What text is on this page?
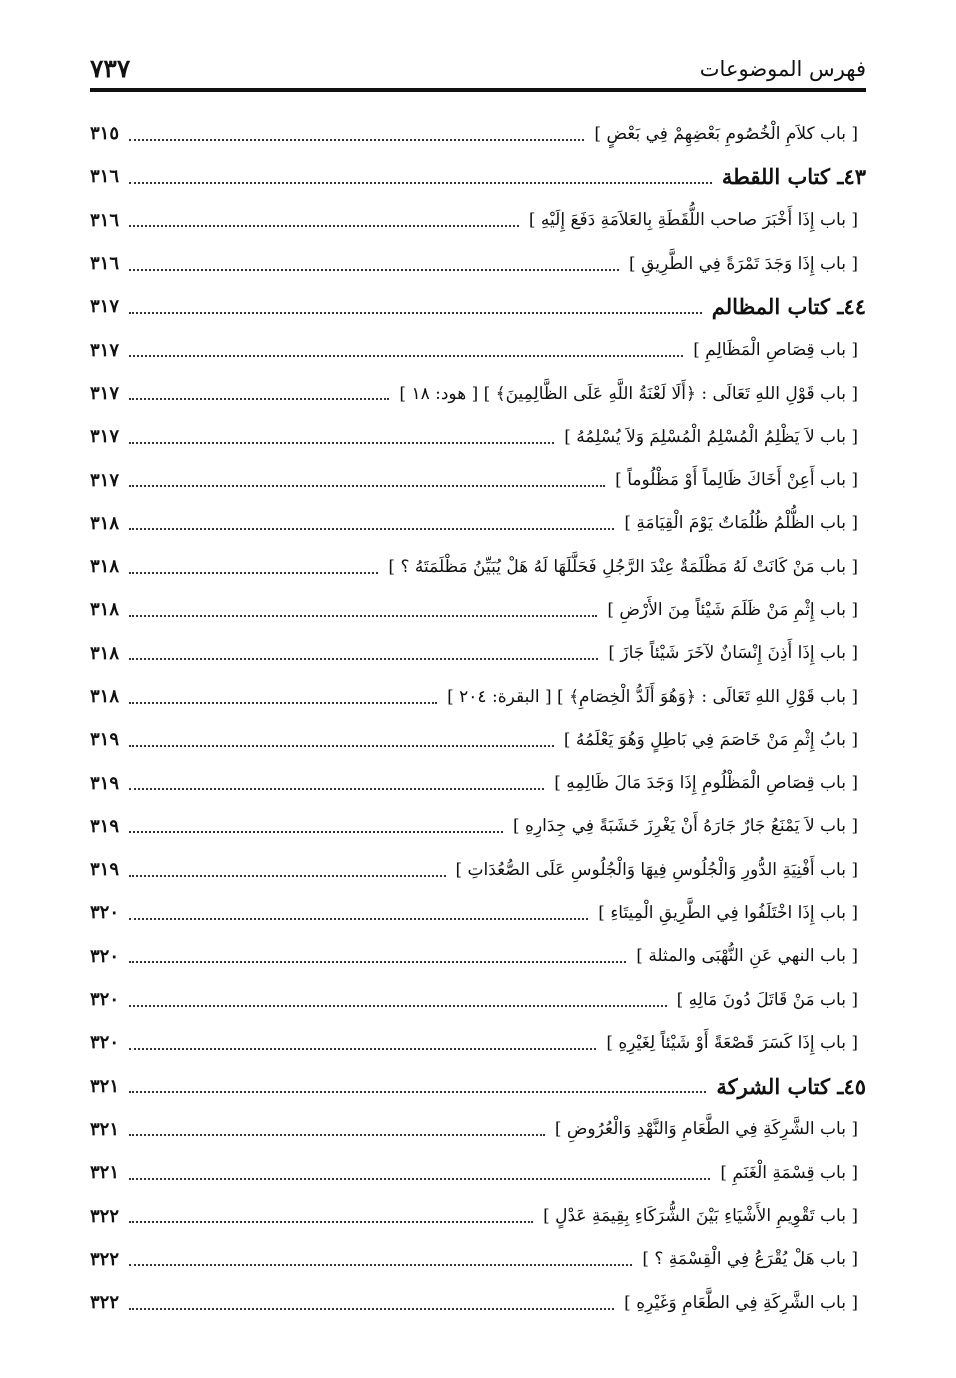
فهرس الموضوعات
٧٣٧
[ باب كلاَمِ الْخُصُومِ بَعْضِهِمْ فِي بَعْضٍ ]
٣١٥
٤٣ـ كتاب اللقطة
٣١٦
[ باب إِذَا أَخْبَرَ صاحب اللُّقَطَةِ بِالعَلاَمَةِ دَفَعَ إِلَيْهِ ]
٣١٦
[ باب إِذَا وَجَدَ تَمْرَةً فِي الطَّرِيقِ ]
٣١٦
٤٤ـ كتاب المظالم
٣١٧
[ باب قِصَاصِ الْمَظَالِمِ ]
٣١٧
[ باب قَوْلِ اللهِ تَعَالَى : ﴿أَلَا لَعْنَةُ اللَّهِ عَلَى الظَّالِمِينَ﴾ ] [ هود: ١٨ ]
٣١٧
[ باب لاَ يَظْلِمُ الْمُسْلِمُ الْمُسْلِمَ وَلاَ يُسْلِمُهُ ]
٣١٧
[ باب أَعِنْ أَخَاكَ ظَالِماً أَوْ مَظْلُوماً ]
٣١٧
[ باب الظُّلْمُ ظُلُمَاتٌ يَوْمَ الْقِيَامَةِ ]
٣١٨
[ باب مَنْ كَانَتْ لَهُ مَظْلَمَةٌ عِنْدَ الرَّجُلِ فَحَلَّلَهَا لَهُ هَلْ يُبَيِّنُ مَظْلَمَتَهُ ؟ ]
٣١٨
[ باب إِثْمِ مَنْ ظَلَمَ شَيْئاً مِنَ الأَرْضِ ]
٣١٨
[ باب إِذَا أَذِنَ إِنْسَانٌ لآخَرَ شَيْئاً جَازَ ]
٣١٨
[ باب قَوْلِ اللهِ تَعَالَى : ﴿وَهُوَ أَلَدُّ الْخِصَامِ﴾ ] [ البقرة: ٢٠٤ ]
٣١٨
[ بابُ إِثْمِ مَنْ خَاصَمَ فِي بَاطِلٍ وَهُوَ يَعْلَمُهُ ]
٣١٩
[ باب قِصَاصِ الْمَظْلُومِ إِذَا وَجَدَ مَالَ ظَالِمِهِ ]
٣١٩
[ باب لاَ يَمْنَعُ جَارٌ جَارَهُ أَنْ يَغْرِزَ خَشَبَةً فِي جِدَارِهِ ]
٣١٩
[ باب أَفْنِيَةِ الدُّورِ وَالْجُلُوسِ فِيهَا وَالْجُلُوسِ عَلَى الصُّعُدَاتِ ]
٣١٩
[ باب إِذَا اخْتَلَفُوا فِي الطَّرِيقِ الْمِيتَاءِ ]
٣٢٠
[ باب النهي عَنِ النُّهْبَى والمثلة ]
٣٢٠
[ باب مَنْ قَاتَلَ دُونَ مَالِهِ ]
٣٢٠
[ باب إِذَا كَسَرَ قَصْعَةً أَوْ شَيْئاً لِغَيْرِهِ ]
٣٢٠
٤٥ـ كتاب الشركة
٣٢١
[ باب الشَّرِكَةِ فِي الطَّعَامِ وَالنَّهْدِ وَالْعُرُوضِ ]
٣٢١
[ باب قِسْمَةِ الْغَنَمِ ]
٣٢١
[ باب تَقْوِيمِ الأَشْيَاءِ بَيْنَ الشُّرَكَاءِ بِقِيمَةِ عَدْلٍ ]
٣٢٢
[ باب هَلْ يُقْرَعُ فِي الْقِسْمَةِ ؟ ]
٣٢٢
[ باب الشَّرِكَةِ فِي الطَّعَامِ وَغَيْرِهِ ]
٣٢٢
